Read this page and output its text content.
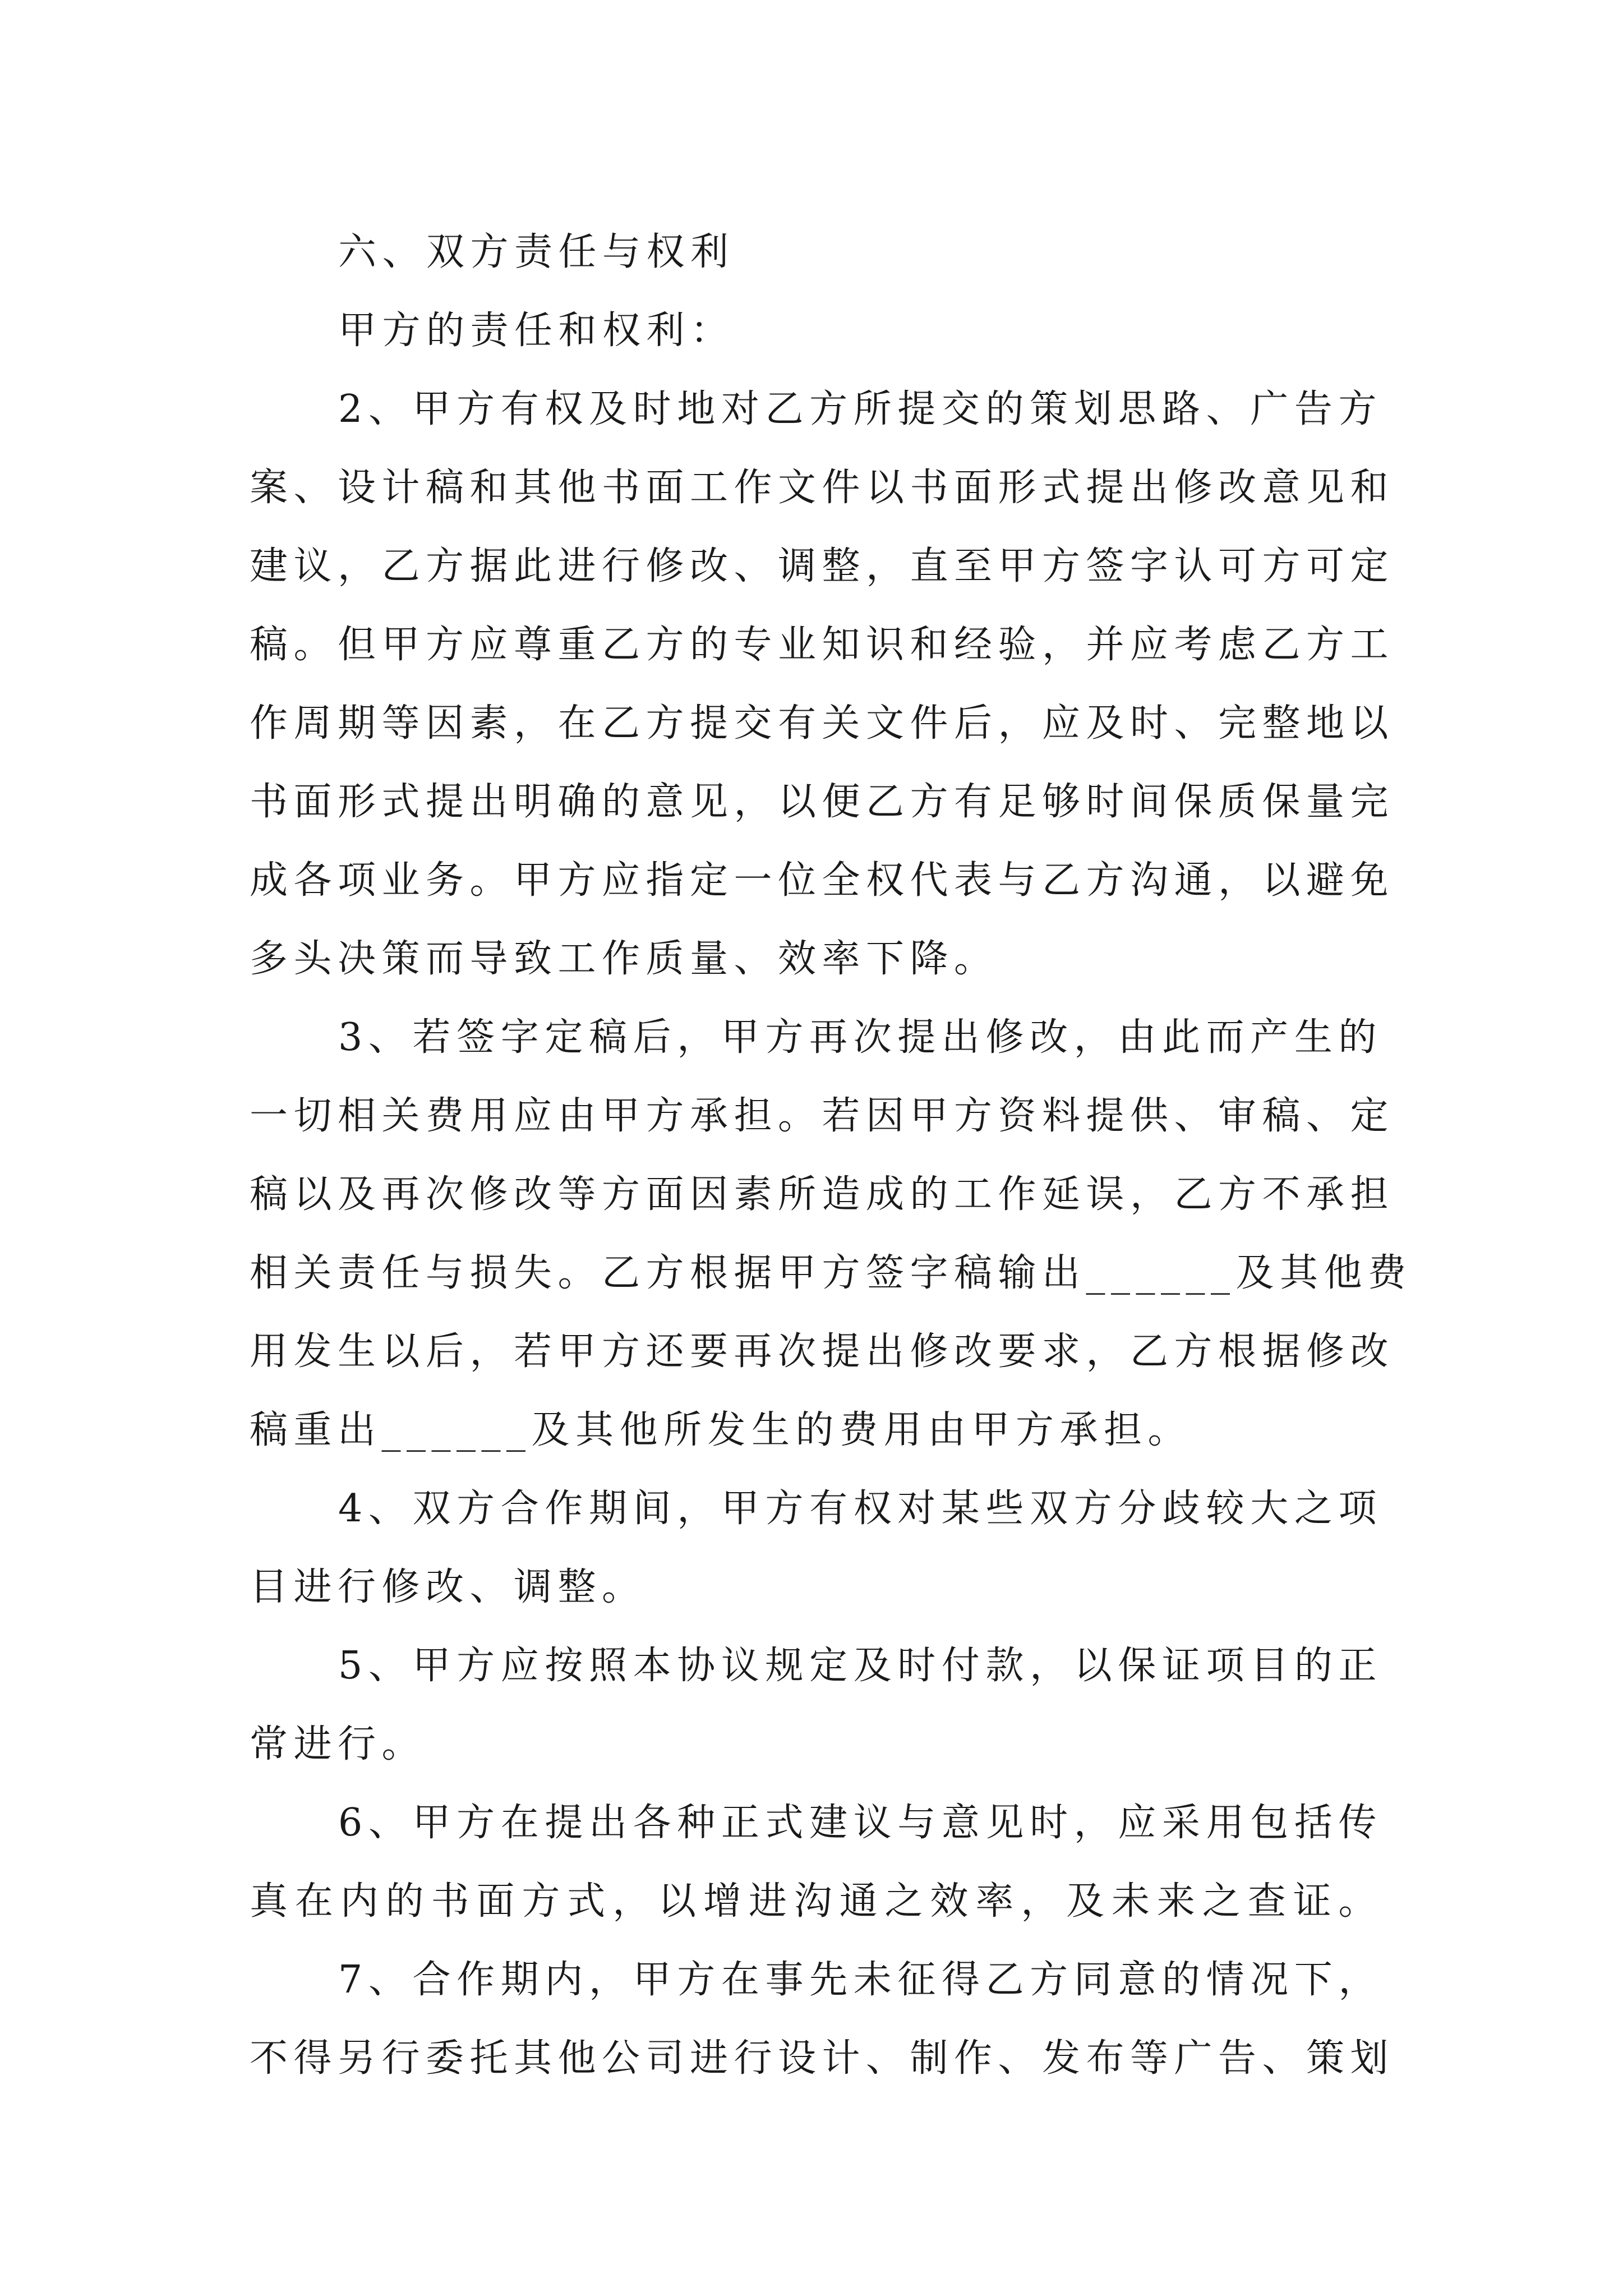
六、双方责任与权利
甲方的责任和权利：
2、甲方有权及时地对乙方所提交的策划思路、广告方
案、设计稿和其他书面工作文件以书面形式提出修改意见和
建议，乙方据此进行修改、调整，直至甲方签字认可方可定
稿。但甲方应尊重乙方的专业知识和经验，并应考虑乙方工
作周期等因素，在乙方提交有关文件后，应及时、完整地以
书面形式提出明确的意见，以便乙方有足够时间保质保量完
成各项业务。甲方应指定一位全权代表与乙方沟通，以避免
多头决策而导致工作质量、效率下降。
3、若签字定稿后，甲方再次提出修改，由此而产生的
一切相关费用应由甲方承担。若因甲方资料提供、审稿、定
稿以及再次修改等方面因素所造成的工作延误，乙方不承担
相关责任与损失。乙方根据甲方签字稿输出______及其他费
用发生以后，若甲方还要再次提出修改要求，乙方根据修改
稿重出______及其他所发生的费用由甲方承担。
4、双方合作期间，甲方有权对某些双方分歧较大之项
目进行修改、调整。
5、甲方应按照本协议规定及时付款，以保证项目的正
常进行。
6、甲方在提出各种正式建议与意见时，应采用包括传
真在内的书面方式，以增进沟通之效率，及未来之查证。
7、合作期内，甲方在事先未征得乙方同意的情况下，
不得另行委托其他公司进行设计、制作、发布等广告、策划
